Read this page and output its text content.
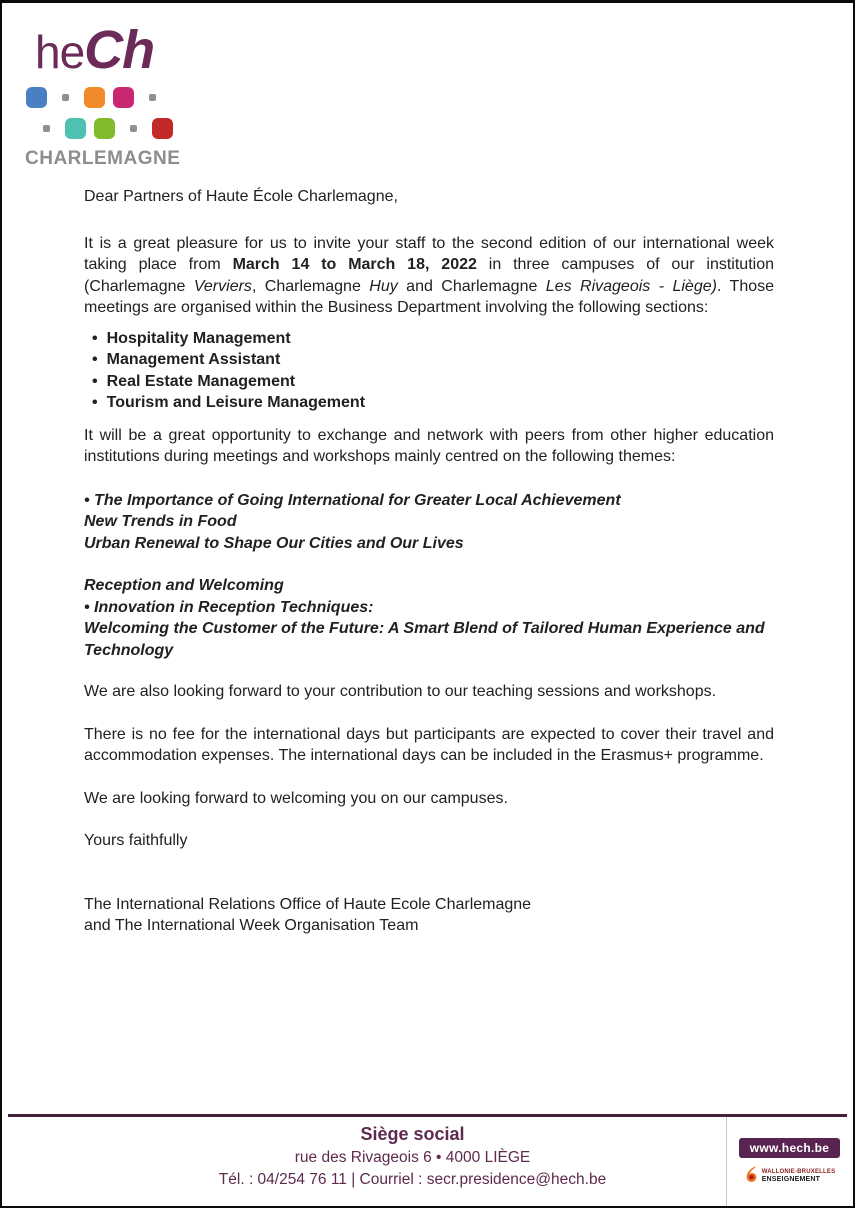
he Ch
CHARLEMAGNE

Dear Partners of Haute École Charlemagne,

It is a great pleasure for us to invite your staff to the second edition of our international week taking place from March 14 to March 18, 2022 in three campuses of our institution (Charlemagne Verviers, Charlemagne Huy and Charlemagne Les Rivageois - Liège). Those meetings are organised within the Business Department involving the following sections:

• Hospitality Management
• Management Assistant
• Real Estate Management
• Tourism and Leisure Management

It will be a great opportunity to exchange and network with peers from other higher education institutions during meetings and workshops mainly centred on the following themes:

• The Importance of Going International for Greater Local Achievement
New Trends in Food
Urban Renewal to Shape Our Cities and Our Lives
Reception and Welcoming
• Innovation in Reception Techniques:
Welcoming the Customer of the Future: A Smart Blend of Tailored Human Experience and Technology

We are also looking forward to your contribution to our teaching sessions and workshops.

There is no fee for the international days but participants are expected to cover their travel and accommodation expenses. The international days can be included in the Erasmus+ programme.

We are looking forward to welcoming you on our campuses.

Yours faithfully

The International Relations Office of Haute Ecole Charlemagne
and The International Week Organisation Team
Siège social
rue des Rivageois 6 • 4000 LIÈGE
Tél. : 04/254 76 11 | Courriel : secr.presidence@hech.be
www.hech.be
WALLONIE-BRUXELLES
ENSEIGNEMENT
